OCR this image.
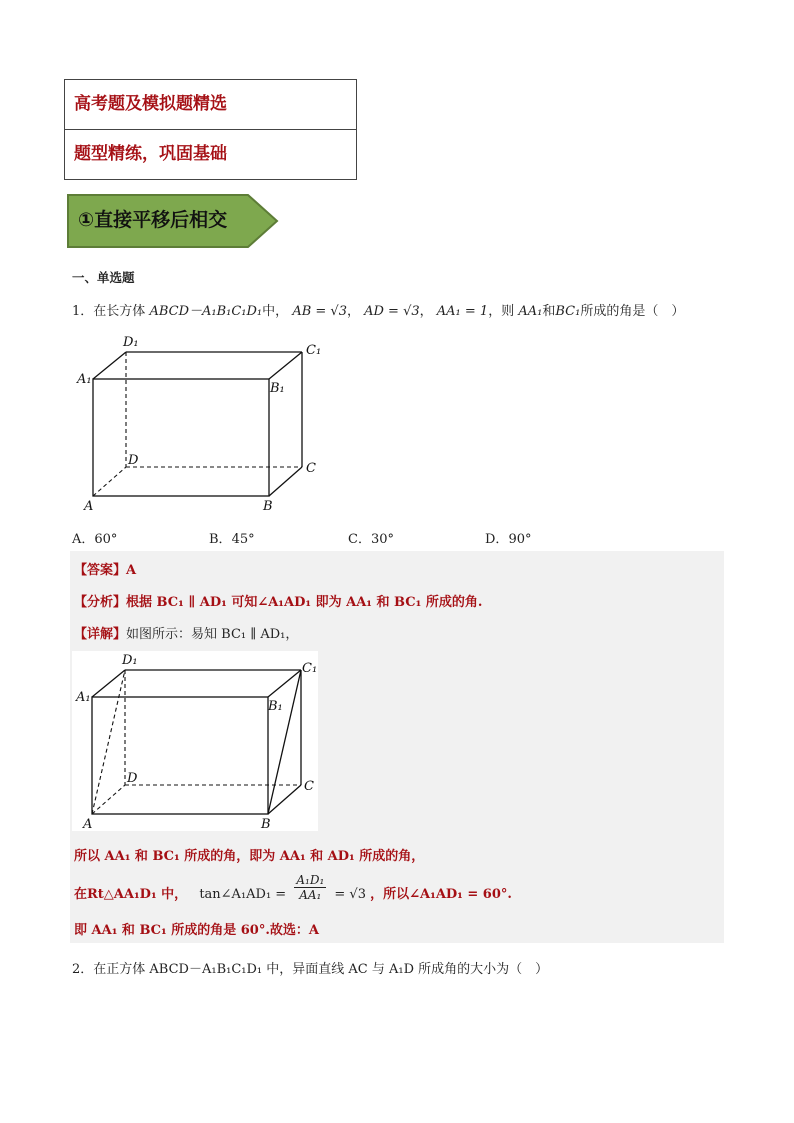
高考题及模拟题精选
题型精练，巩固基础
①直接平移后相交
一、单选题
1．在长方体 ABCD－A₁B₁C₁D₁中， AB = √3， AD = √3， AA₁ = 1，则 AA₁和BC₁所成的角是（　）
A	B
C
D
A₁
B₁
C₁
D₁
A．60°	B．45°	C．30°	D．90°
【答案】A
【分析】根据 BC₁ ∥ AD₁ 可知∠A₁AD₁ 即为 AA₁ 和 BC₁ 所成的角.
【详解】如图所示：易知 BC₁ ∥ AD₁，
A	B
C
D
A₁
B₁
C₁
D₁
所以 AA₁ 和 BC₁ 所成的角，即为 AA₁ 和 AD₁ 所成的角，
在Rt△AA₁D₁ 中， tan∠A₁AD₁ = $\frac{\text{A₁D₁}}{\text{AA₁}} = √3$ ，所以∠A₁AD₁ = 60°.
即 AA₁ 和 BC₁ 所成的角是 60°.故选：A
2．在正方体 ABCD－A₁B₁C₁D₁ 中，异面直线 AC 与 A₁D 所成角的大小为（　）
